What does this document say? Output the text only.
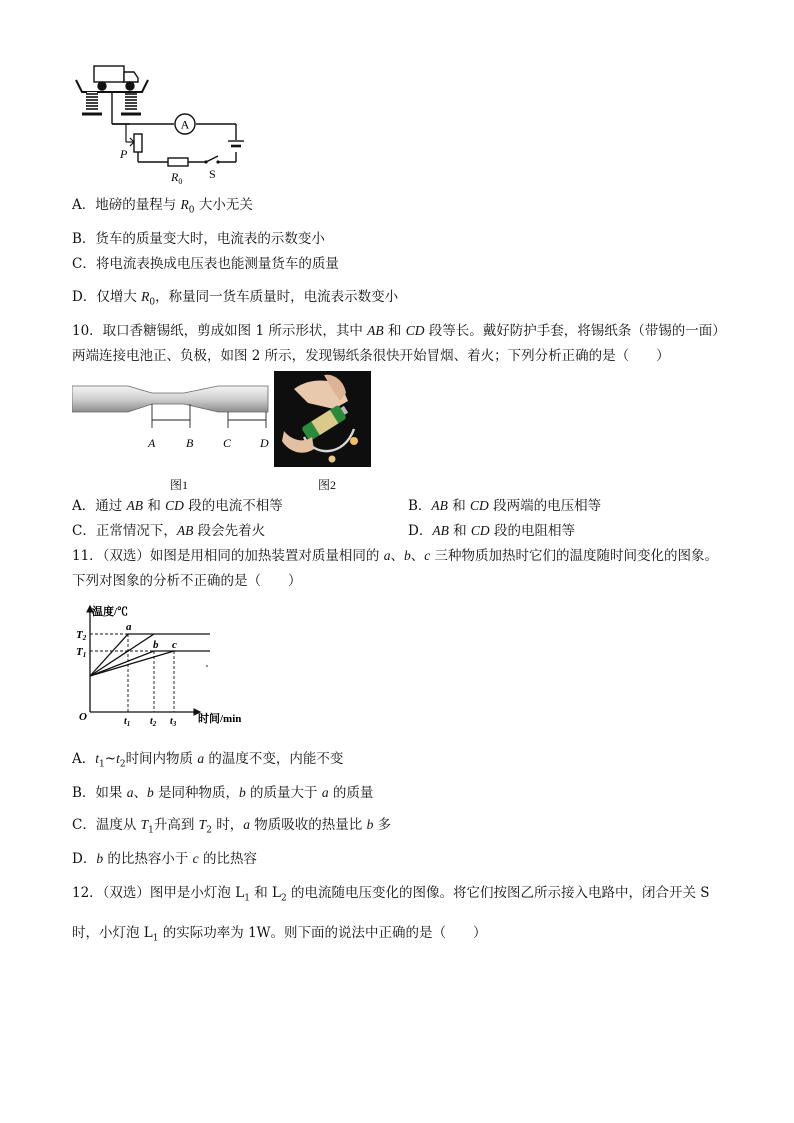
A
P
$R_0$
S
A．地磅的量程与 $R_0$ 大小无关
B．货车的质量变大时，电流表的示数变小
C．将电流表换成电压表也能测量货车的质量
D．仅增大 $R_0$，称量同一货车质量时，电流表示数变小
10．取口香糖锡纸，剪成如图 1 所示形状，其中 AB 和 CD 段等长。戴好防护手套，将锡纸条（带锡的一面）
两端连接电池正、负极，如图 2 所示，发现锡纸条很快开始冒烟、着火；下列分析正确的是（　　）
A	B C D
图1	图2
A．通过 AB 和 CD 段的电流不相等	B．AB 和 CD 段两端的电压相等
C．正常情况下，AB 段会先着火	D．AB 和 CD 段的电阻相等
11．（双选）如图是用相同的加热装置对质量相同的 a、b、c 三种物质加热时它们的温度随时间变化的图象。
下列对图象的分析不正确的是（　　）
温度/℃
时间/min
O
a
b c
T2
T1
$t_1$ $t_2$ $t_3$
A．$t_1\sim t_2$时间内物质 a 的温度不变，内能不变
B．如果 a、b 是同种物质，b 的质量大于 a 的质量
C．温度从 $T_1$升高到 $T_2$ 时，a 物质吸收的热量比 b 多
D．b 的比热容小于 c 的比热容
12．（双选）图甲是小灯泡 $L_1$ 和 $L_2$ 的电流随电压变化的图像。将它们按图乙所示接入电路中，闭合开关 S
时，小灯泡 $L_1$ 的实际功率为 1W。则下面的说法中正确的是（　　）
